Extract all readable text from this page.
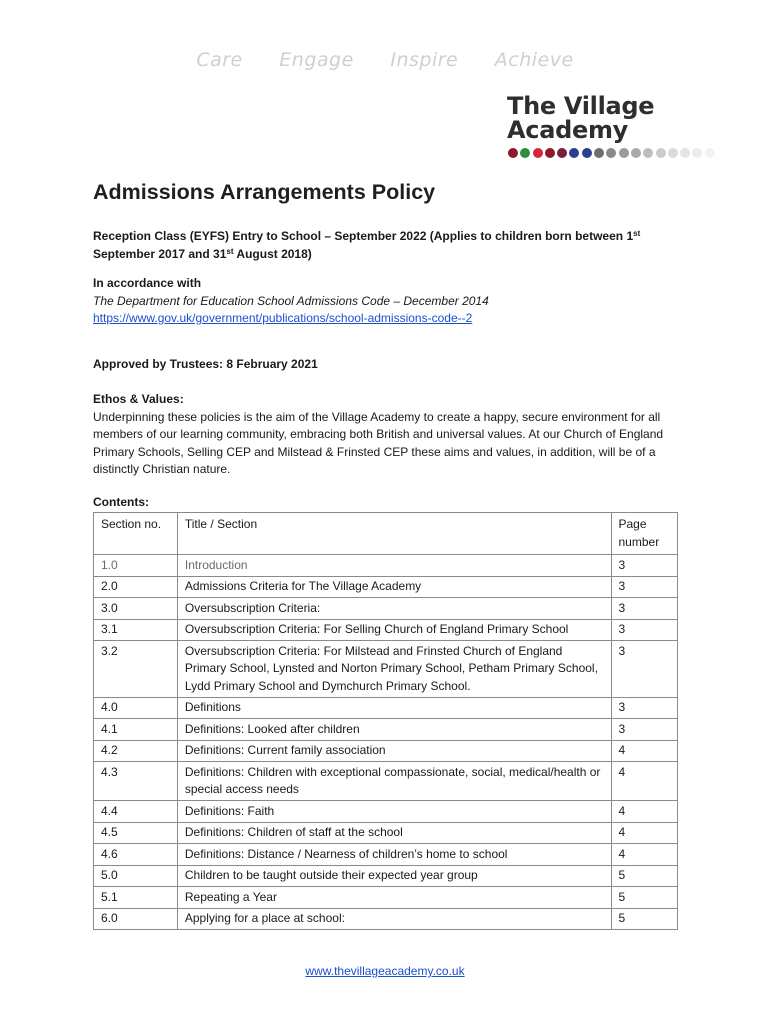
Care Engage Inspire Achieve
The Village
Academy
Admissions Arrangements Policy

Reception Class (EYFS) Entry to School – September 2022 (Applies to children born between 1st September 2017 and 31st August 2018)

In accordance with
The Department for Education School Admissions Code – December 2014
https://www.gov.uk/government/publications/school-admissions-code--2

Approved by Trustees: 8 February 2021

Ethos & Values:
Underpinning these policies is the aim of the Village Academy to create a happy, secure environment for all members of our learning community, embracing both British and universal values. At our Church of England Primary Schools, Selling CEP and Milstead & Frinsted CEP these aims and values, in addition, will be of a distinctly Christian nature.

Contents:

Section no.	Title / Section	Page number
1.0	Introduction	3
2.0	Admissions Criteria for The Village Academy	3
3.0	Oversubscription Criteria:	3
3.1	Oversubscription Criteria: For Selling Church of England Primary School	3
3.2	Oversubscription Criteria: For Milstead and Frinsted Church of England Primary School, Lynsted and Norton Primary School, Petham Primary School, Lydd Primary School and Dymchurch Primary School.	3
4.0	Definitions	3
4.1	Definitions: Looked after children	3
4.2	Definitions: Current family association	4
4.3	Definitions: Children with exceptional compassionate, social, medical/health or special access needs	4
4.4	Definitions: Faith	4
4.5	Definitions: Children of staff at the school	4
4.6	Definitions: Distance / Nearness of children’s home to school	4
5.0	Children to be taught outside their expected year group	5
5.1	Repeating a Year	5
6.0	Applying for a place at school:	5
www.thevillageacademy.co.uk
